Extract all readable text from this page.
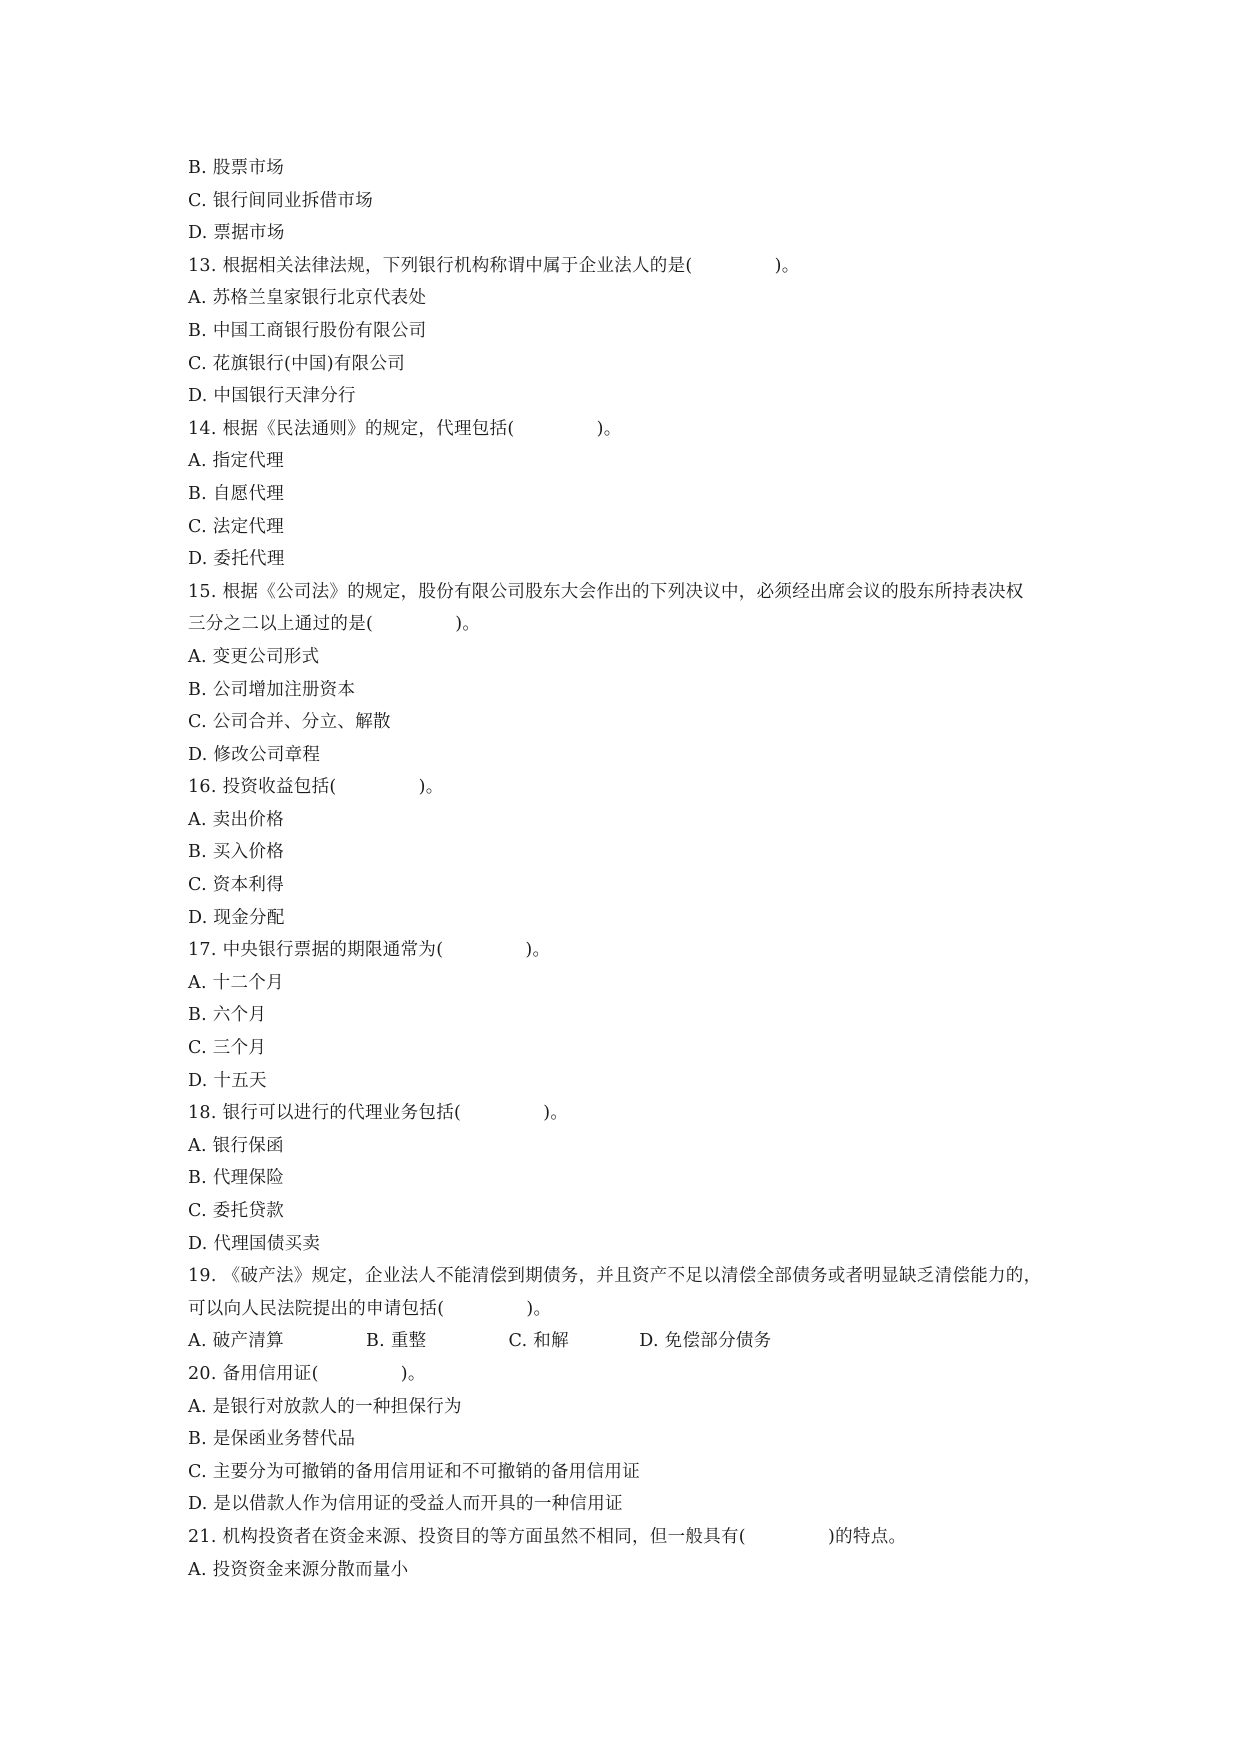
B. 股票市场
C. 银行间同业拆借市场
D. 票据市场
13. 根据相关法律法规，下列银行机构称谓中属于企业法人的是(              )。
A. 苏格兰皇家银行北京代表处
B. 中国工商银行股份有限公司
C. 花旗银行(中国)有限公司
D. 中国银行天津分行
14. 根据《民法通则》的规定，代理包括(              )。
A. 指定代理
B. 自愿代理
C. 法定代理
D. 委托代理
15. 根据《公司法》的规定，股份有限公司股东大会作出的下列决议中，必须经出席会议的股东所持表决权
三分之二以上通过的是(              )。
A. 变更公司形式
B. 公司增加注册资本
C. 公司合并、分立、解散
D. 修改公司章程
16. 投资收益包括(              )。
A. 卖出价格
B. 买入价格
C. 资本利得
D. 现金分配
17. 中央银行票据的期限通常为(              )。
A. 十二个月
B. 六个月
C. 三个月
D. 十五天
18. 银行可以进行的代理业务包括(              )。
A. 银行保函
B. 代理保险
C. 委托贷款
D. 代理国债买卖
19. 《破产法》规定，企业法人不能清偿到期债务，并且资产不足以清偿全部债务或者明显缺乏清偿能力的，
可以向人民法院提出的申请包括(              )。
A. 破产清算              B. 重整              C. 和解            D. 免偿部分债务
20. 备用信用证(              )。
A. 是银行对放款人的一种担保行为
B. 是保函业务替代品
C. 主要分为可撤销的备用信用证和不可撤销的备用信用证
D. 是以借款人作为信用证的受益人而开具的一种信用证
21. 机构投资者在资金来源、投资目的等方面虽然不相同，但一般具有(              )的特点。
A. 投资资金来源分散而量小
